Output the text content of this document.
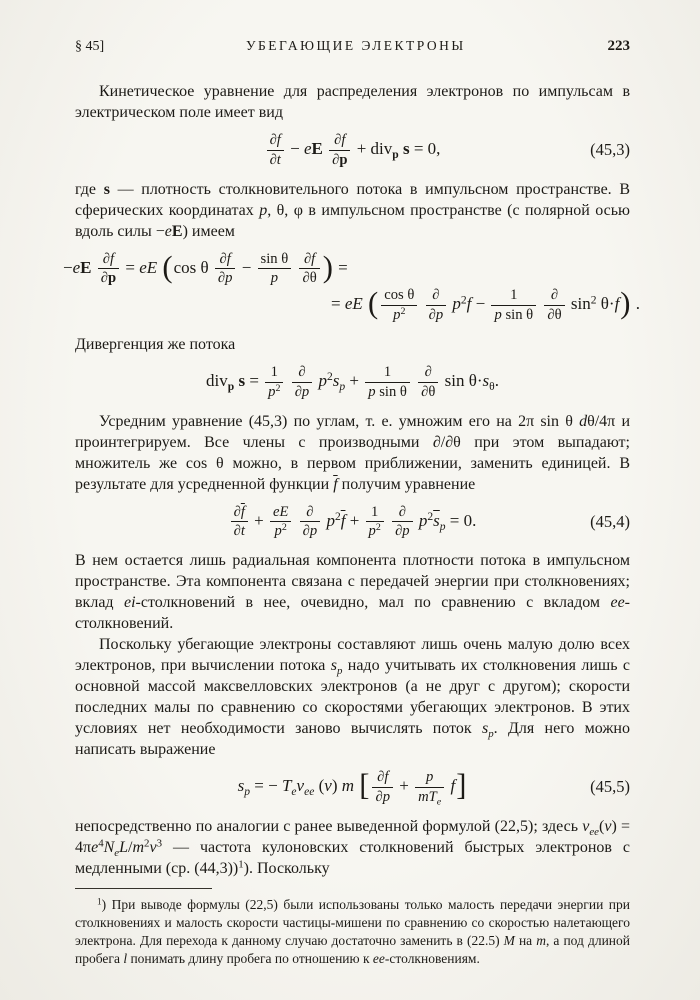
§ 45]	УБЕГАЮЩИЕ ЭЛЕКТРОНЫ	223

Кинетическое уравнение для распределения электронов по импульсам в электрическом поле имеет вид

$\frac{\partial f}{\partial t}$ − eE $\frac{\partial f}{\partial p} + div_p$ s = 0,	(45,3)

где s — плотность столкновительного потока в импульсном пространстве. В сферических координатах p, θ, φ в импульсном пространстве (с полярной осью вдоль силы −eE) имеем

$-eE \frac{\partial f}{\partial p}$ = eE (cos θ $\frac{\partial f}{\partial p} - \frac{\text{sin θ}}{p}$
$\frac{\partial f}{\partial\theta}$ ) =
= eE ( $\frac{\text{cos θ}}{p^2}$
$\frac{\partial}{\partial p} p^2f - \frac{1}{\text{p sin θ}}$
$\frac{\partial}{\partial\theta} \sin^2 \theta\cdot f$) .

Дивергенция же потока

div$_p$ $s = \frac{1}{p^2}$
$\frac{\partial}{\partial p} p^2s_p + \frac{1}{\text{p sin θ}}$
$\frac{\partial}{\partial\theta}$ $\sin \theta\cdot s_\theta$.

Усредним уравнение (45,3) по углам, т. е. умножим его на 2π sin θ dθ/4π и проинтегрируем. Все члены с производными ∂/∂θ при этом выпадают; множитель же cos θ можно, в первом приближении, заменить единицей. В результате для усредненной функции $\overline{f}$ получим уравнение

$\frac{\partial\overline{f}}{\partial t} + \frac{eE}{p^2}$
$\frac{\partial}{\partial p} p^2\overline{f} + \frac{1}{p^2}$
$\frac{\partial}{\partial p} p^2\overline{s}_p = 0$.	(45,4)

В нем остается лишь радиальная компонента плотности потока в импульсном пространстве. Эта компонента связана с передачей энергии при столкновениях; вклад ei-столкновений в нее, очевидно, мал по сравнению с вкладом ee-столкновений.

Поскольку убегающие электроны составляют лишь очень малую долю всех электронов, при вычислении потока $s_p$ надо учитывать их столкновения лишь с основной массой максвелловских электронов (а не друг с другом); скорости последних малы по сравнению со скоростями убегающих электронов. В этих условиях нет необходимости заново вычислять поток $s_p$. Для него можно написать выражение

$s_p$ = − $T_e\nu_{ee}$ (v) m [ $\frac{\partial f}{\partial p} + \frac{p}{mT_e} f$]	(45,5)

непосредственно по аналогии с ранее выведенной формулой (22,5); здесь $\nu_{ee}(v) = 4\pi e^4N_eL/m^2v^3$ — частота кулоновских столкновений быстрых электронов с медленными (ср. (44,3))$^1$). Поскольку

$^1$) При выводе формулы (22,5) были использованы только малость передачи энергии при столкновениях и малость скорости частицы-мишени по сравнению со скоростью налетающего электрона. Для перехода к данному случаю достаточно заменить в (22.5) M на m, а под длиной пробега l понимать длину пробега по отношению к ee-столкновениям.
